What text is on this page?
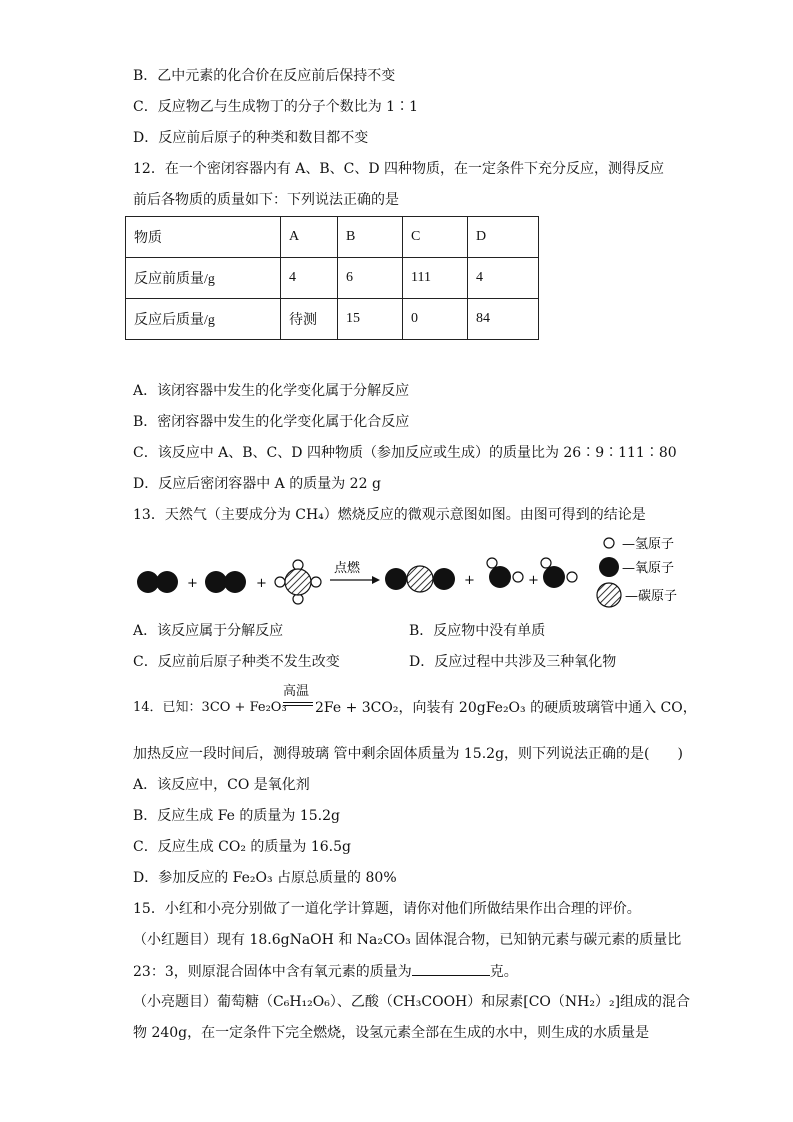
B．乙中元素的化合价在反应前后保持不变
C．反应物乙与生成物丁的分子个数比为 1∶1
D．反应前后原子的种类和数目都不变
12．在一个密闭容器内有 A、B、C、D 四种物质，在一定条件下充分反应，测得反应
前后各物质的质量如下：下列说法正确的是
物质	A	B	C	D
反应前质量/g	4	6	111	4
反应后质量/g	待测	15	0	84
A．该闭容器中发生的化学变化属于分解反应
B．密闭容器中发生的化学变化属于化合反应
C．该反应中 A、B、C、D 四种物质（参加反应或生成）的质量比为 26∶9∶111∶80
D．反应后密闭容器中 A 的质量为 22 g
13．天然气（主要成分为 CH₄）燃烧反应的微观示意图如图。由图可得到的结论是
+	+
点燃
+	+
—氢原子
—氧原子
—碳原子
A．该反应属于分解反应	B．反应物中没有单质
C．反应前后原子种类不发生改变	D．反应过程中共涉及三种氧化物
高温
14．已知：3CO + Fe₂O₃ 2Fe + 3CO₂，向装有 20gFe₂O₃ 的硬质玻璃管中通入 CO，
加热反应一段时间后，测得玻璃 管中剩余固体质量为 15.2g，则下列说法正确的是(　　)
A．该反应中，CO 是氧化剂
B．反应生成 Fe 的质量为 15.2g
C．反应生成 CO₂ 的质量为 16.5g
D．参加反应的 Fe₂O₃ 占原总质量的 80%
15．小红和小亮分别做了一道化学计算题，请你对他们所做结果作出合理的评价。
（小红题目）现有 18.6gNaOH 和 Na₂CO₃ 固体混合物，已知钠元素与碳元素的质量比
23：3，则原混合固体中含有氧元素的质量为	克。
（小亮题目）葡萄糖（C₆H₁₂O₆）、乙酸（CH₃COOH）和尿素[CO（NH₂）₂]组成的混合
物 240g，在一定条件下完全燃烧，设氢元素全部在生成的水中，则生成的水质量是
